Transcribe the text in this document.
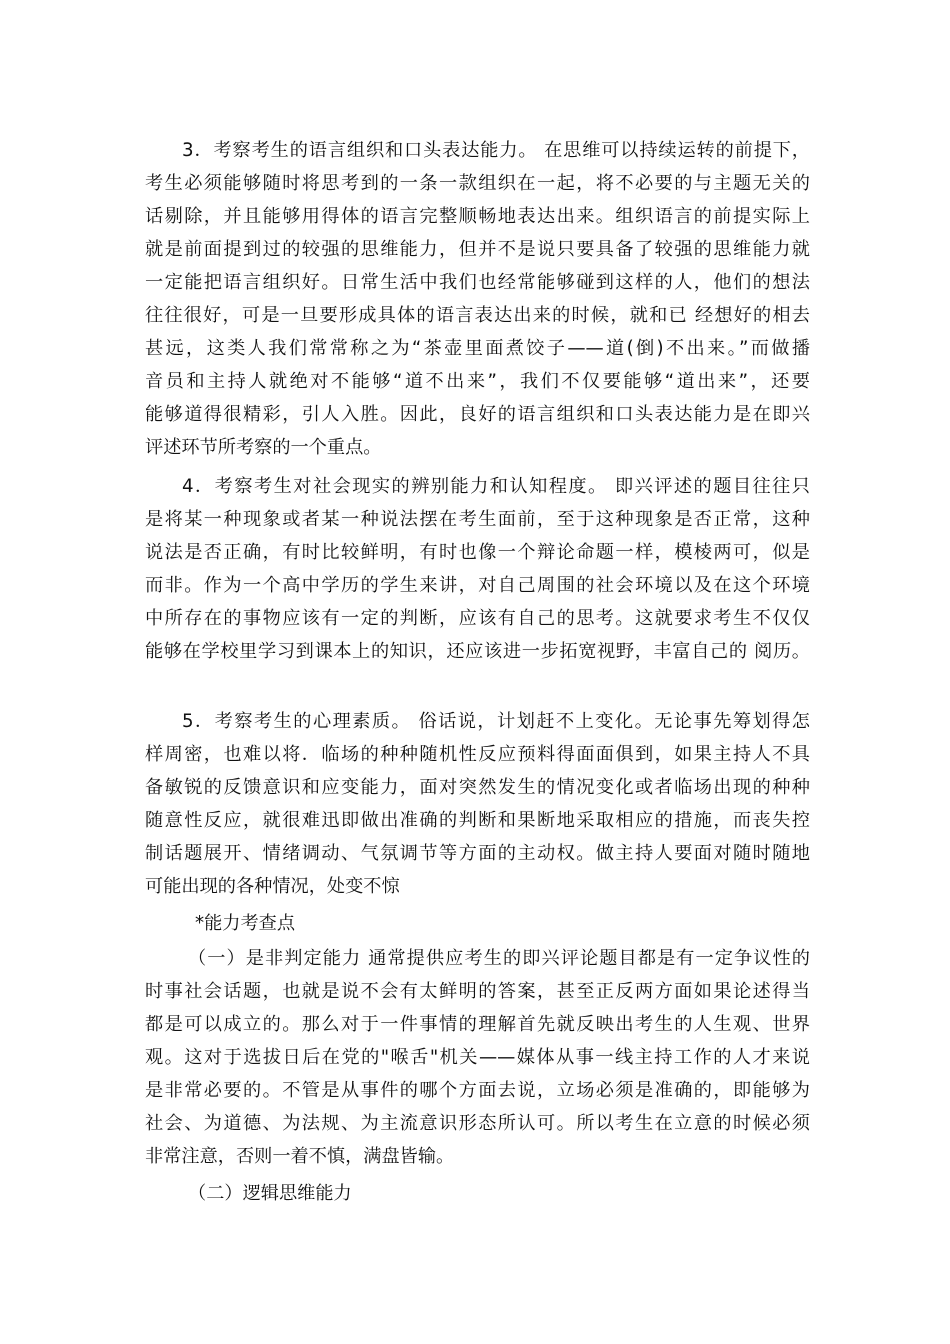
3．考察考生的语言组织和口头表达能力。 在思维可以持续运转的前提下，
考生必须能够随时将思考到的一条一款组织在一起，将不必要的与主题无关的
话剔除，并且能够用得体的语言完整顺畅地表达出来。组织语言的前提实际上
就是前面提到过的较强的思维能力，但并不是说只要具备了较强的思维能力就
一定能把语言组织好。日常生活中我们也经常能够碰到这样的人，他们的想法
往往很好，可是一旦要形成具体的语言表达出来的时候，就和已 经想好的相去
甚远，这类人我们常常称之为“茶壶里面煮饺子——道(倒)不出来。”而做播
音员和主持人就绝对不能够“道不出来”，我们不仅要能够“道出来”，还要
能够道得很精彩，引人入胜。因此，良好的语言组织和口头表达能力是在即兴
评述环节所考察的一个重点。
4．考察考生对社会现实的辨别能力和认知程度。 即兴评述的题目往往只
是将某一种现象或者某一种说法摆在考生面前，至于这种现象是否正常，这种
说法是否正确，有时比较鲜明，有时也像一个辩论命题一样，模棱两可，似是
而非。作为一个高中学历的学生来讲，对自己周围的社会环境以及在这个环境
中所存在的事物应该有一定的判断，应该有自己的思考。这就要求考生不仅仅
能够在学校里学习到课本上的知识，还应该进一步拓宽视野，丰富自己的 阅历。
5．考察考生的心理素质。 俗话说，计划赶不上变化。无论事先筹划得怎
样周密，也难以将．临场的种种随机性反应预料得面面俱到，如果主持人不具
备敏锐的反馈意识和应变能力，面对突然发生的情况变化或者临场出现的种种
随意性反应，就很难迅即做出准确的判断和果断地采取相应的措施，而丧失控
制话题展开、情绪调动、气氛调节等方面的主动权。做主持人要面对随时随地
可能出现的各种情况，处变不惊
*能力考查点
（一）是非判定能力 通常提供应考生的即兴评论题目都是有一定争议性的
时事社会话题，也就是说不会有太鲜明的答案，甚至正反两方面如果论述得当
都是可以成立的。那么对于一件事情的理解首先就反映出考生的人生观、世界
观。这对于选拔日后在党的"喉舌"机关——媒体从事一线主持工作的人才来说
是非常必要的。不管是从事件的哪个方面去说，立场必须是准确的，即能够为
社会、为道德、为法规、为主流意识形态所认可。所以考生在立意的时候必须
非常注意，否则一着不慎，满盘皆输。
（二）逻辑思维能力
